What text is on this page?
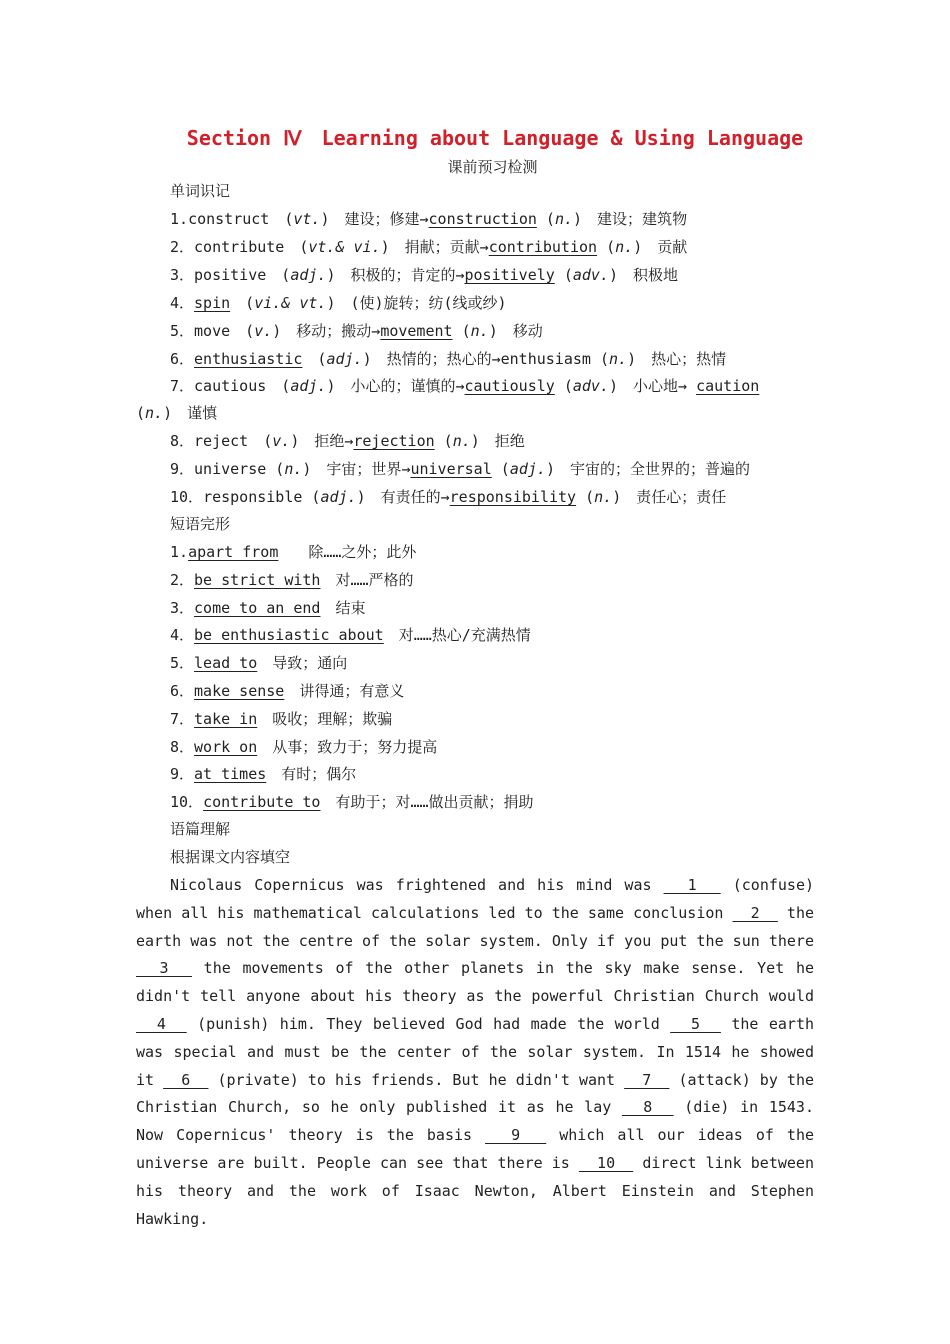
Section Ⅳ　Learning about Language & Using Language
课前预习检测
单词识记
1.construct　(vt.)　建设；修建→construction (n.)　建设；建筑物
2．contribute　(vt.& vi.)　捐献；贡献→contribution (n.)　贡献
3．positive　(adj.)　积极的；肯定的→positively (adv.)　积极地
4．spin　(vi.& vt.)　(使)旋转；纺(线或纱)
5．move　(v.)　移动；搬动→movement (n.)　移动
6．enthusiastic　(adj.)　热情的；热心的→enthusiasm (n.)　热心；热情
7．cautious　(adj.)　小心的；谨慎的→cautiously (adv.)　小心地→ caution
(n.)　谨慎
8．reject　(v.)　拒绝→rejection (n.)　拒绝
9．universe (n.)　宇宙；世界→universal (adj.)　宇宙的；全世界的；普遍的
10．responsible (adj.)　有责任的→responsibility (n.)　责任心；责任
短语完形
1.apart from　　除……之外；此外
2．be strict with　对……严格的
3．come to an end　结束
4．be enthusiastic about　对……热心/充满热情
5．lead to　导致；通向
6．make sense　讲得通；有意义
7．take in　吸收；理解；欺骗
8．work on　从事；致力于；努力提高
9．at times　有时；偶尔
10．contribute to　有助于；对……做出贡献；捐助
语篇理解
根据课文内容填空
Nicolaus Copernicus was frightened and his mind was   1   (confuse) when all his mathematical calculations led to the same conclusion   2   the earth was not the centre of the solar system. Only if you put the sun there   3   the movements of the other planets in the sky make sense. Yet he didn't tell anyone about his theory as the powerful Christian Church would   4   (punish) him. They believed God had made the world   5   the earth was special and must be the center of the solar system. In 1514 he showed it   6   (private) to his friends. But he didn't want   7   (attack) by the Christian Church, so he only published it as he lay   8   (die) in 1543. Now Copernicus' theory is the basis   9   which all our ideas of the universe are built. People can see that there is   10   direct link between his theory and the work of Isaac Newton, Albert Einstein and Stephen Hawking.
